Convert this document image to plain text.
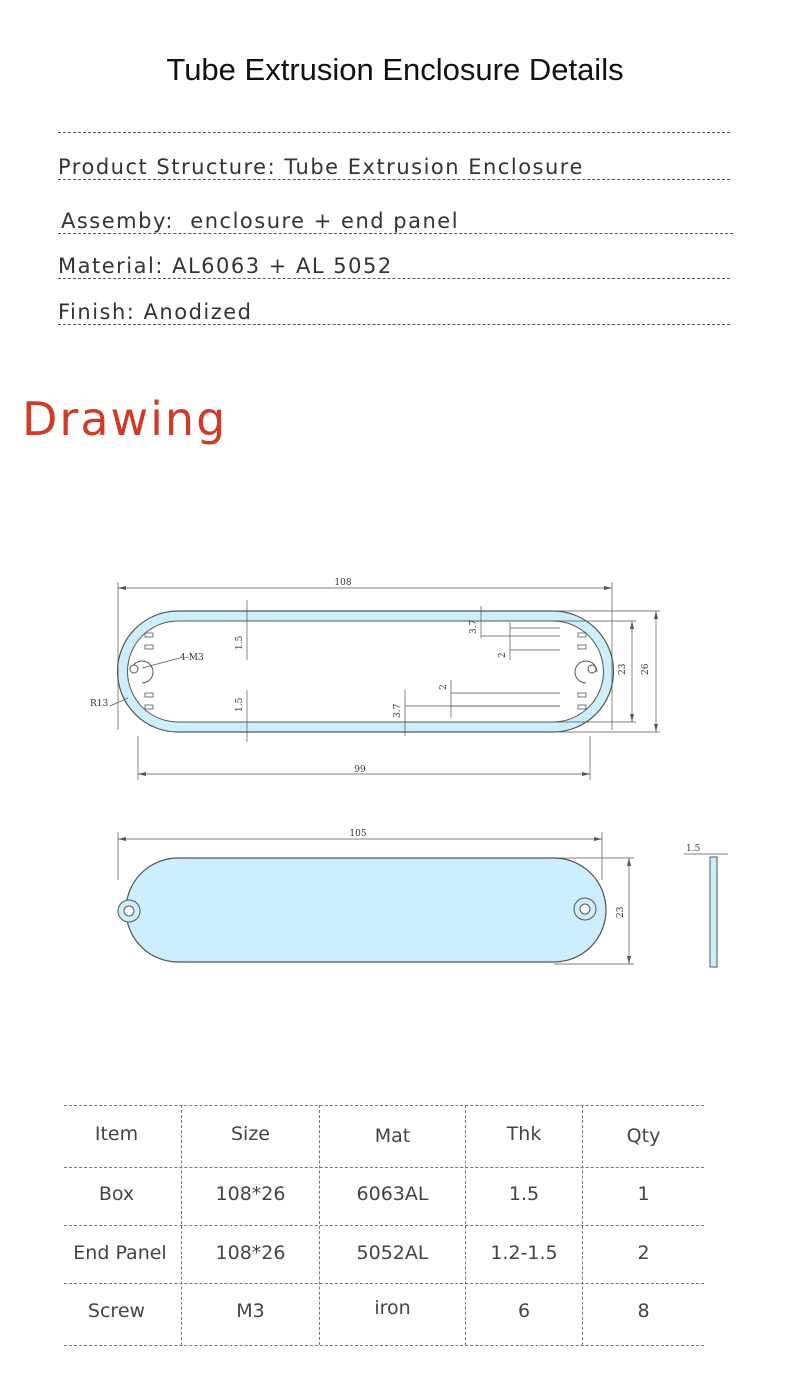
Tube Extrusion Enclosure Details
Product Structure: Tube Extrusion Enclosure
Assemby:  enclosure + end panel
Material: AL6063 + AL 5052
Finish: Anodized
Drawing
108
99
26
23
1.5
1.5
3.7
2
3.7
2
4-M3
R13
105
23
1.5
Item	Size	Mat	Thk	Qty
Box	108*26	6063AL	1.5	1
End Panel	108*26	5052AL	1.2-1.5	2
Screw	M3	iron	6	8
